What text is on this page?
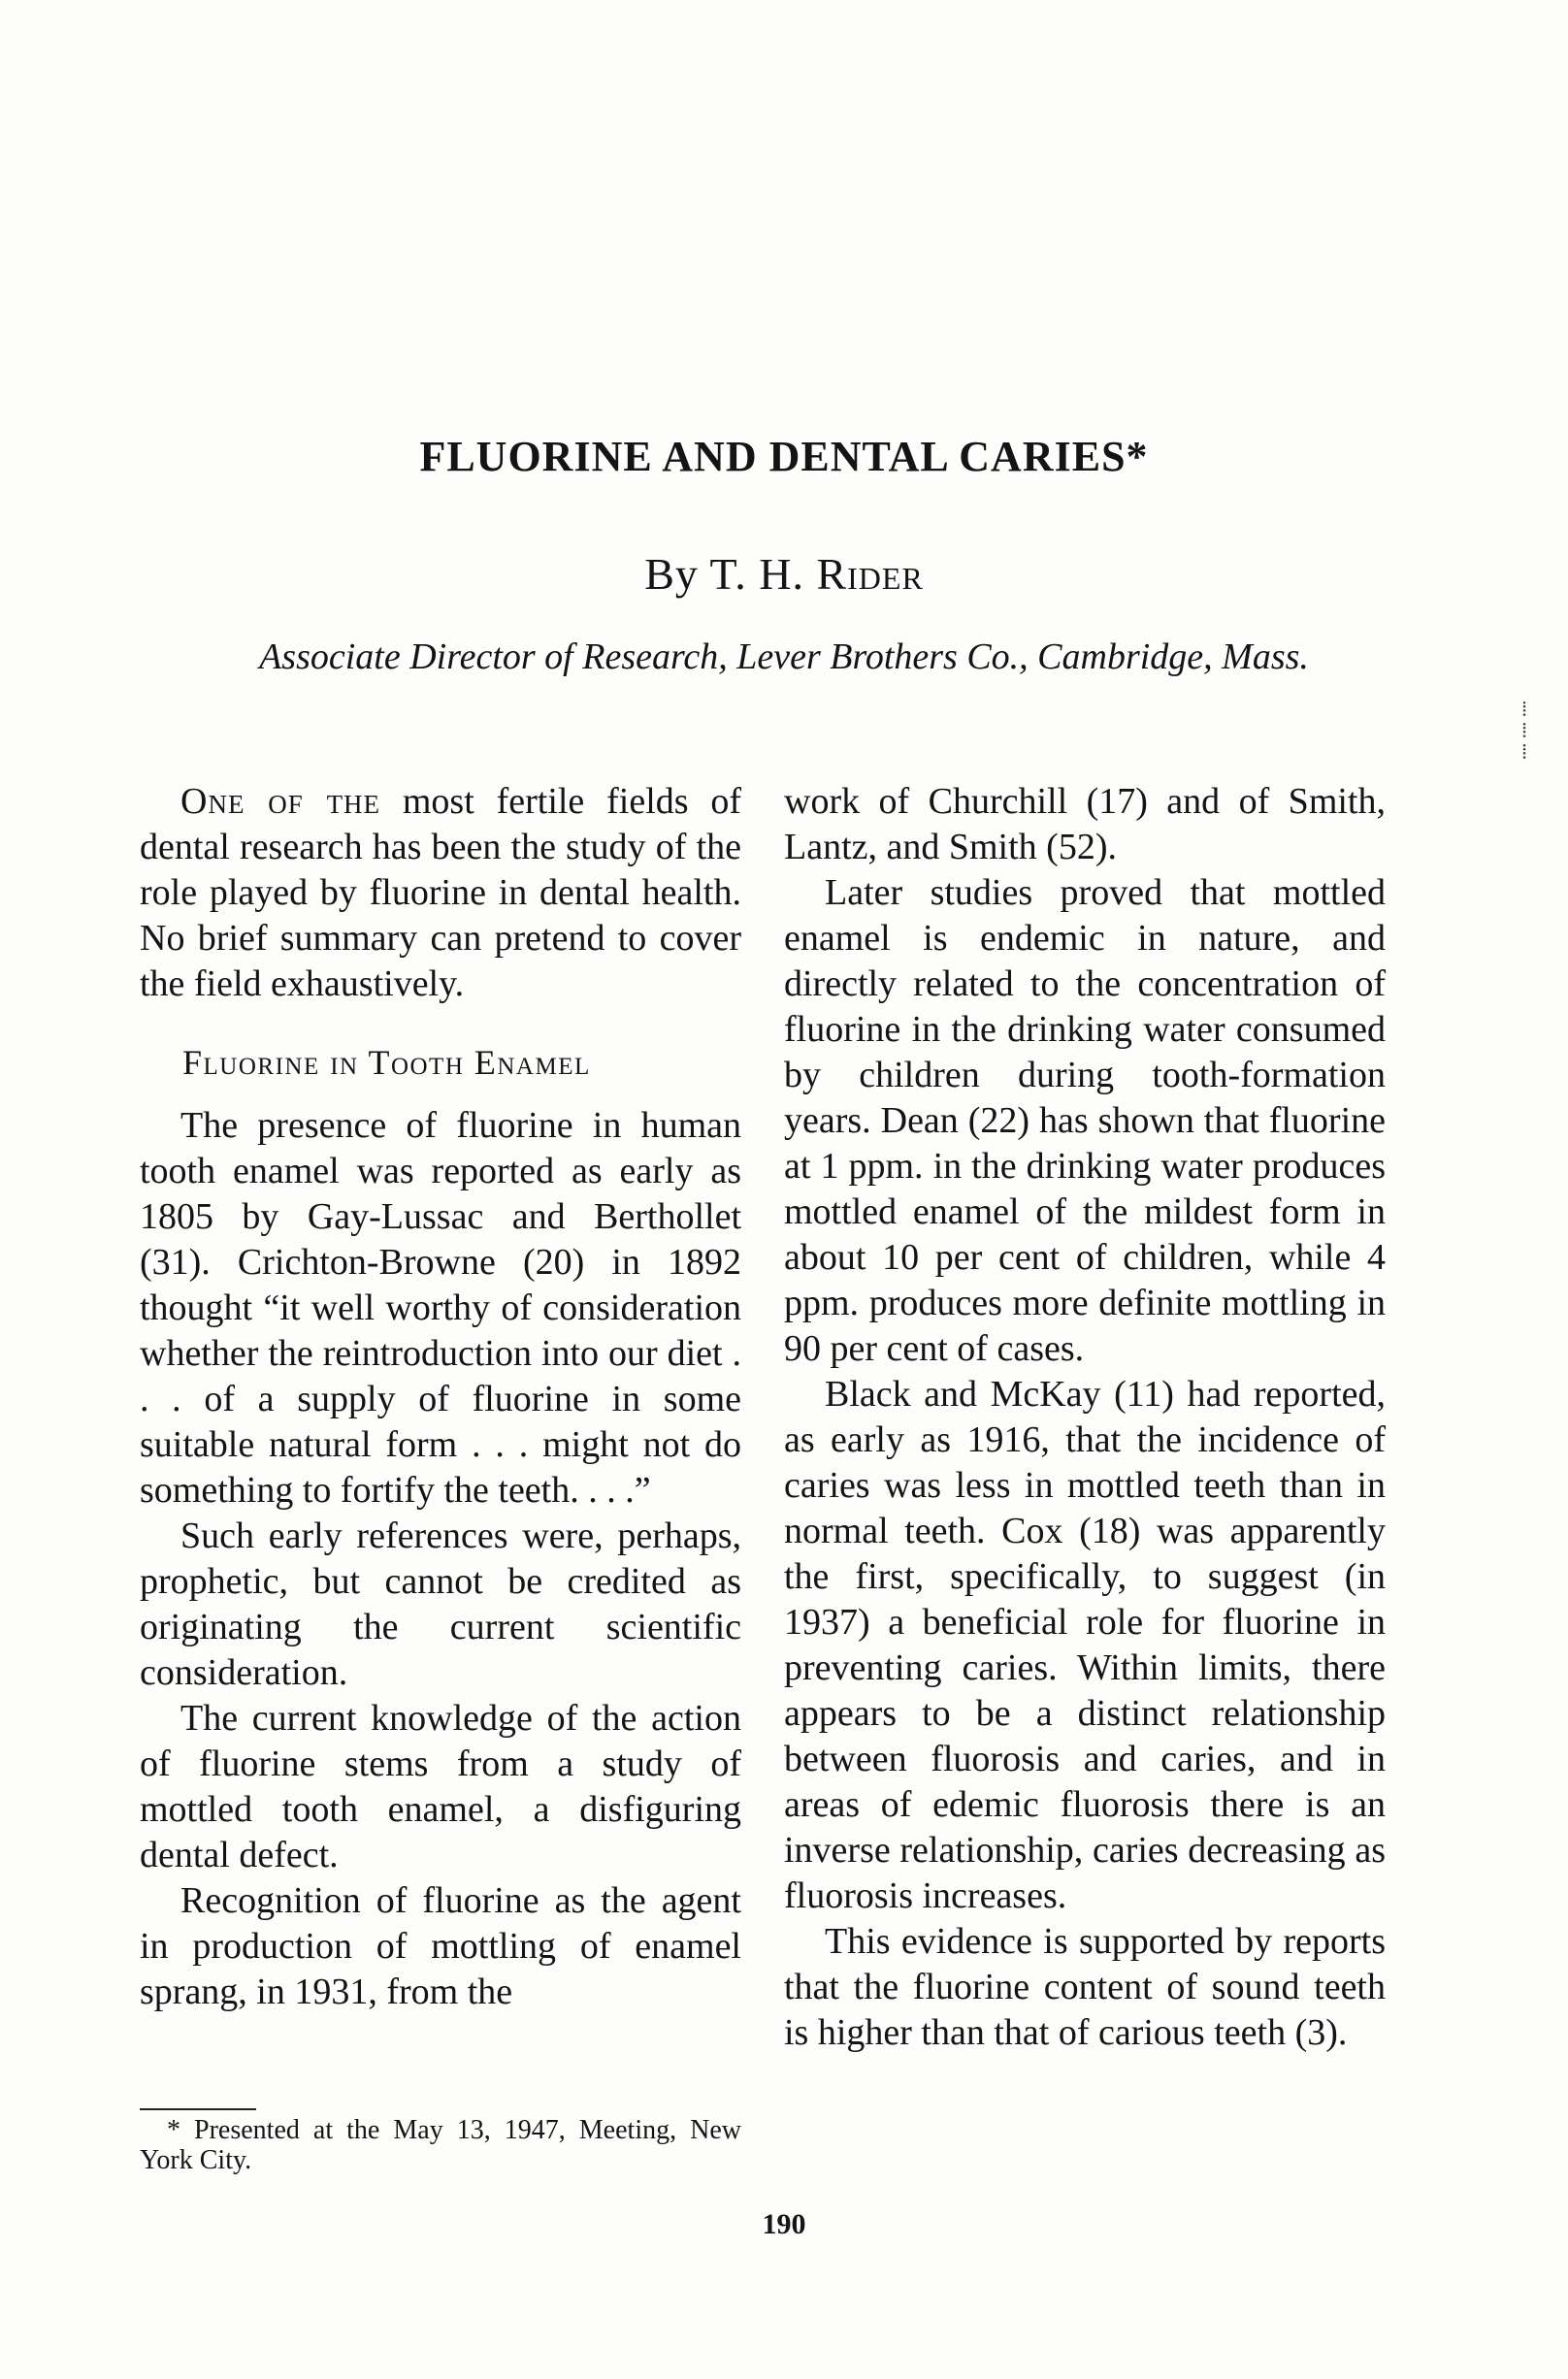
FLUORINE AND DENTAL CARIES*

By T. H. Rider

Associate Director of Research, Lever Brothers Co., Cambridge, Mass.

One of the most fertile fields of dental research has been the study of the role played by fluorine in dental health. No brief summary can pretend to cover the field exhaustively.

Fluorine in Tooth Enamel

The presence of fluorine in human tooth enamel was reported as early as 1805 by Gay-Lussac and Berthollet (31). Crichton-Browne (20) in 1892 thought “it well worthy of consideration whether the reintroduction into our diet . . . of a supply of fluorine in some suitable natural form . . . might not do something to fortify the teeth. . . .”

Such early references were, perhaps, prophetic, but cannot be credited as originating the current scientific consideration.

The current knowledge of the action of fluorine stems from a study of mottled tooth enamel, a disfiguring dental defect.

Recognition of fluorine as the agent in production of mottling of enamel sprang, in 1931, from the

work of Churchill (17) and of Smith, Lantz, and Smith (52).

Later studies proved that mottled enamel is endemic in nature, and directly related to the concentration of fluorine in the drinking water consumed by children during tooth-formation years. Dean (22) has shown that fluorine at 1 ppm. in the drinking water produces mottled enamel of the mildest form in about 10 per cent of children, while 4 ppm. produces more definite mottling in 90 per cent of cases.

Black and McKay (11) had reported, as early as 1916, that the incidence of caries was less in mottled teeth than in normal teeth. Cox (18) was apparently the first, specifically, to suggest (in 1937) a beneficial role for fluorine in preventing caries. Within limits, there appears to be a distinct relationship between fluorosis and caries, and in areas of edemic fluorosis there is an inverse relationship, caries decreasing as fluorosis increases.

This evidence is supported by reports that the fluorine content of sound teeth is higher than that of carious teeth (3).

* Presented at the May 13, 1947, Meeting, New York City.

190

⁞
⁞
⁞
